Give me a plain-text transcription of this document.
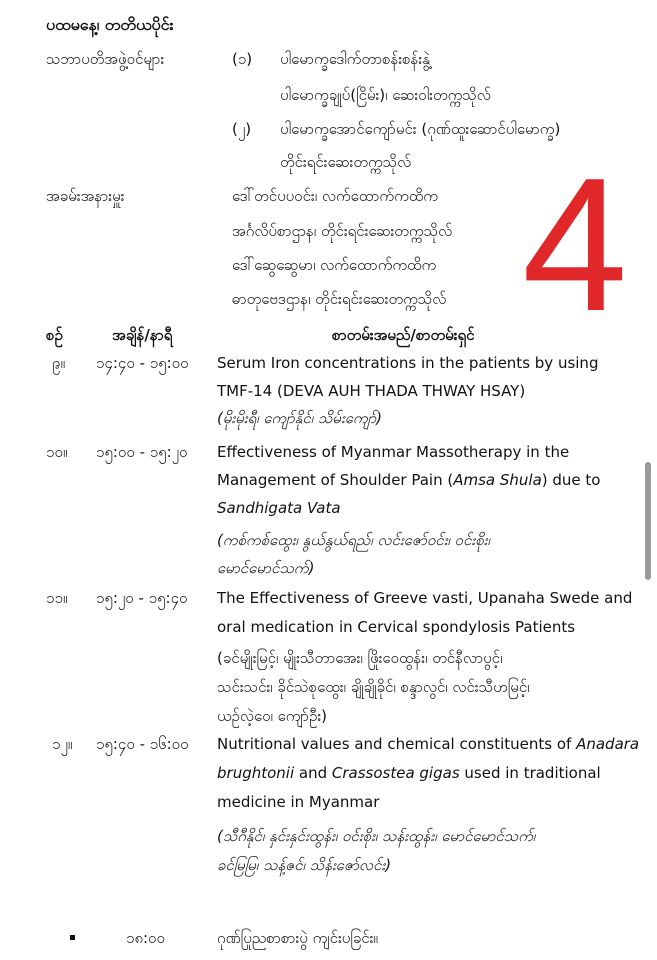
ပထမနေ့၊ တတိယပိုင်း
သဘာပတိအဖွဲ့ဝင်များ	(၁) ပါမောက္ခဒေါက်တာစန်းစန်းနွဲ့
ပါမောက္ခချုပ်(ငြိမ်း)၊ ဆေးဝါးတက္ကသိုလ်
(၂) ပါမောက္ခအောင်ကျော်မင်း (ဂုဏ်ထူးဆောင်ပါမောက္ခ)
တိုင်းရင်းဆေးတက္ကသိုလ်
အခမ်းအနားမှူး	ဒေါ်တင်ပပဝင်း၊ လက်ထောက်ကထိက
အင်္ဂလိပ်စာဌာန၊ တိုင်းရင်းဆေးတက္ကသိုလ်
ဒေါ်ဆွေဆွေမာ၊ လက်ထောက်ကထိက
ဓာတုဗေဒဌာန၊ တိုင်းရင်းဆေးတက္ကသိုလ် 4
စဉ်	အချိန်/နာရီ	စာတမ်းအမည်/စာတမ်းရှင်
၉။ ၁၄:၄၀ - ၁၅:၀၀ Serum Iron concentrations in the patients by using
TMF-14 (DEVA AUH THADA THWAY HSAY)
(မိုးမိုးရီ၊ ကျော်နိုင်၊ သိမ်းကျော်)
၁၀။ ၁၅:၀၀ - ၁၅:၂၀ Effectiveness of Myanmar Massotherapy in the
Management of Shoulder Pain (Amsa Shula) due to
Sandhigata Vata
(ကစ်ကစ်ထွေး၊ နွယ်နွယ်ရည်၊ လင်းဇော်ဝင်း၊ ဝင်းစိုး၊
မောင်မောင်သက်)
၁၁။ ၁၅:၂၀ - ၁၅:၄၀ The Effectiveness of Greeve vasti, Upanaha Swede and
oral medication in Cervical spondylosis Patients
(ခင်မျိုးမြင့်၊ မျိုးသီတာအေး၊ ဖြိုးဝေထွန်း၊ တင်နီလာပွင့်၊
သင်းသင်း၊ ခိုင်သဲစုထွေး၊ ချိုချိုခိုင်၊ စန္ဒာလွင်၊ လင်းသီဟမြင့်၊
ယဉ်လဲ့ဝေ၊ ကျော်ဦး)
၁၂။ ၁၅:၄၀ - ၁၆:၀၀ Nutritional values and chemical constituents of Anadara
brughtonii and Crassostea gigas used in traditional
medicine in Myanmar
(သီဂီနိုင်၊ နှင်းနှင်းထွန်း၊ ဝင်းစိုး၊ သန်းထွန်း၊ မောင်မောင်သက်၊
ခင်မြမြ၊ သန့်ဇင်၊ သိန်းဇော်လင်း)
၁၈:၀၀	ဂုဏ်ပြုညစာစားပွဲ ကျင်းပခြင်း။
